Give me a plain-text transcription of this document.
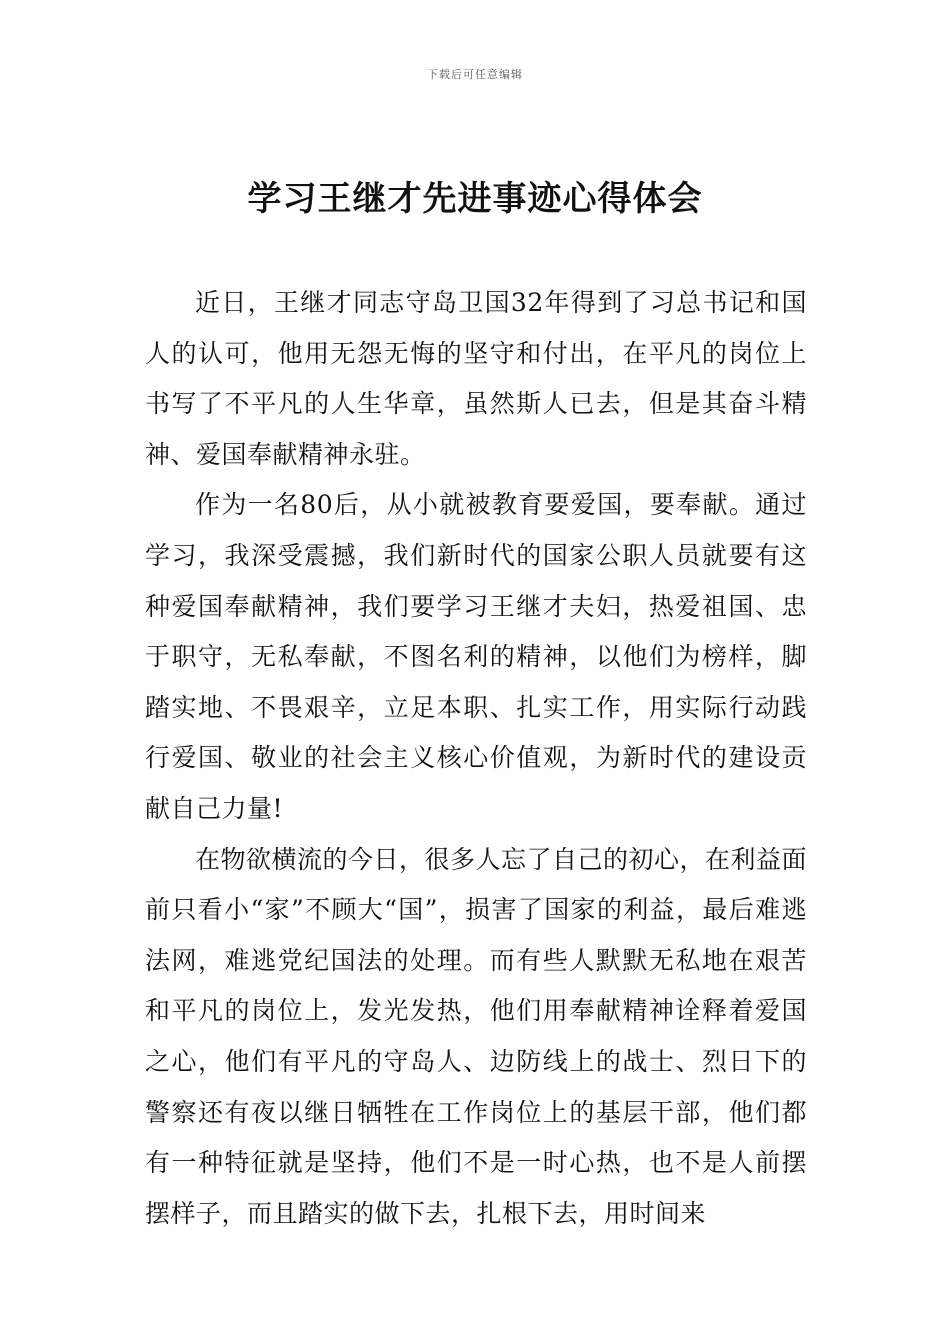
下载后可任意编辑
学习王继才先进事迹心得体会

近日，王继才同志守岛卫国32年得到了习总书记和国人的认可，他用无怨无悔的坚守和付出，在平凡的岗位上书写了不平凡的人生华章，虽然斯人已去，但是其奋斗精神、爱国奉献精神永驻。

作为一名80后，从小就被教育要爱国，要奉献。通过学习，我深受震撼，我们新时代的国家公职人员就要有这种爱国奉献精神，我们要学习王继才夫妇，热爱祖国、忠于职守，无私奉献，不图名利的精神，以他们为榜样，脚踏实地、不畏艰辛，立足本职、扎实工作，用实际行动践行爱国、敬业的社会主义核心价值观，为新时代的建设贡献自己力量!

在物欲横流的今日，很多人忘了自己的初心，在利益面前只看小“家”不顾大“国”，损害了国家的利益，最后难逃法网，难逃党纪国法的处理。而有些人默默无私地在艰苦和平凡的岗位上，发光发热，他们用奉献精神诠释着爱国之心，他们有平凡的守岛人、边防线上的战士、烈日下的警察还有夜以继日牺牲在工作岗位上的基层干部，他们都有一种特征就是坚持，他们不是一时心热，也不是人前摆摆样子，而且踏实的做下去，扎根下去，用时间来
